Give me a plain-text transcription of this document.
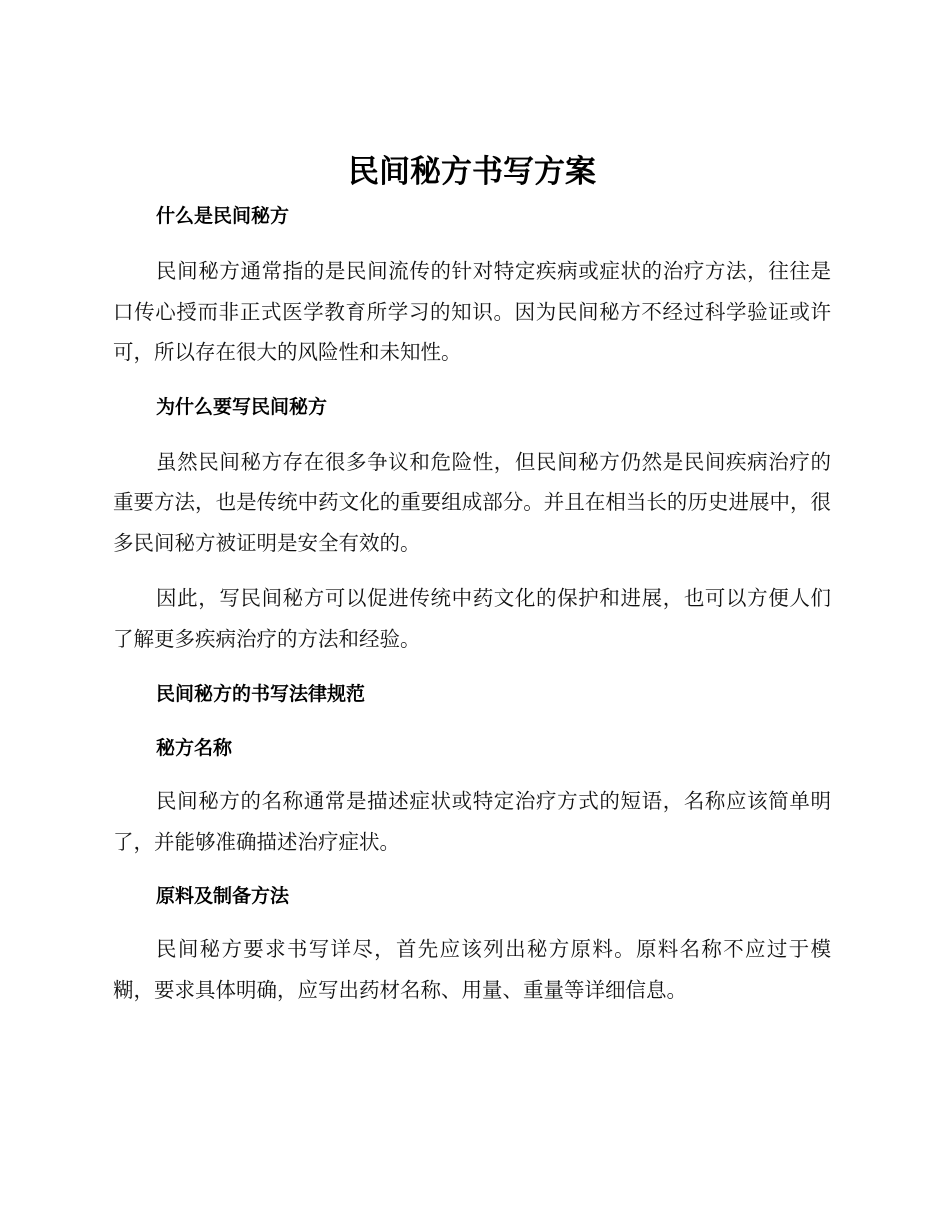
民间秘方书写方案
什么是民间秘方

民间秘方通常指的是民间流传的针对特定疾病或症状的治疗方法，往往是口传心授而非正式医学教育所学习的知识。因为民间秘方不经过科学验证或许可，所以存在很大的风险性和未知性。

为什么要写民间秘方

虽然民间秘方存在很多争议和危险性，但民间秘方仍然是民间疾病治疗的重要方法，也是传统中药文化的重要组成部分。并且在相当长的历史进展中，很多民间秘方被证明是安全有效的。

因此，写民间秘方可以促进传统中药文化的保护和进展，也可以方便人们了解更多疾病治疗的方法和经验。

民间秘方的书写法律规范
秘方名称

民间秘方的名称通常是描述症状或特定治疗方式的短语，名称应该简单明了，并能够准确描述治疗症状。

原料及制备方法

民间秘方要求书写详尽，首先应该列出秘方原料。原料名称不应过于模糊，要求具体明确，应写出药材名称、用量、重量等详细信息。
